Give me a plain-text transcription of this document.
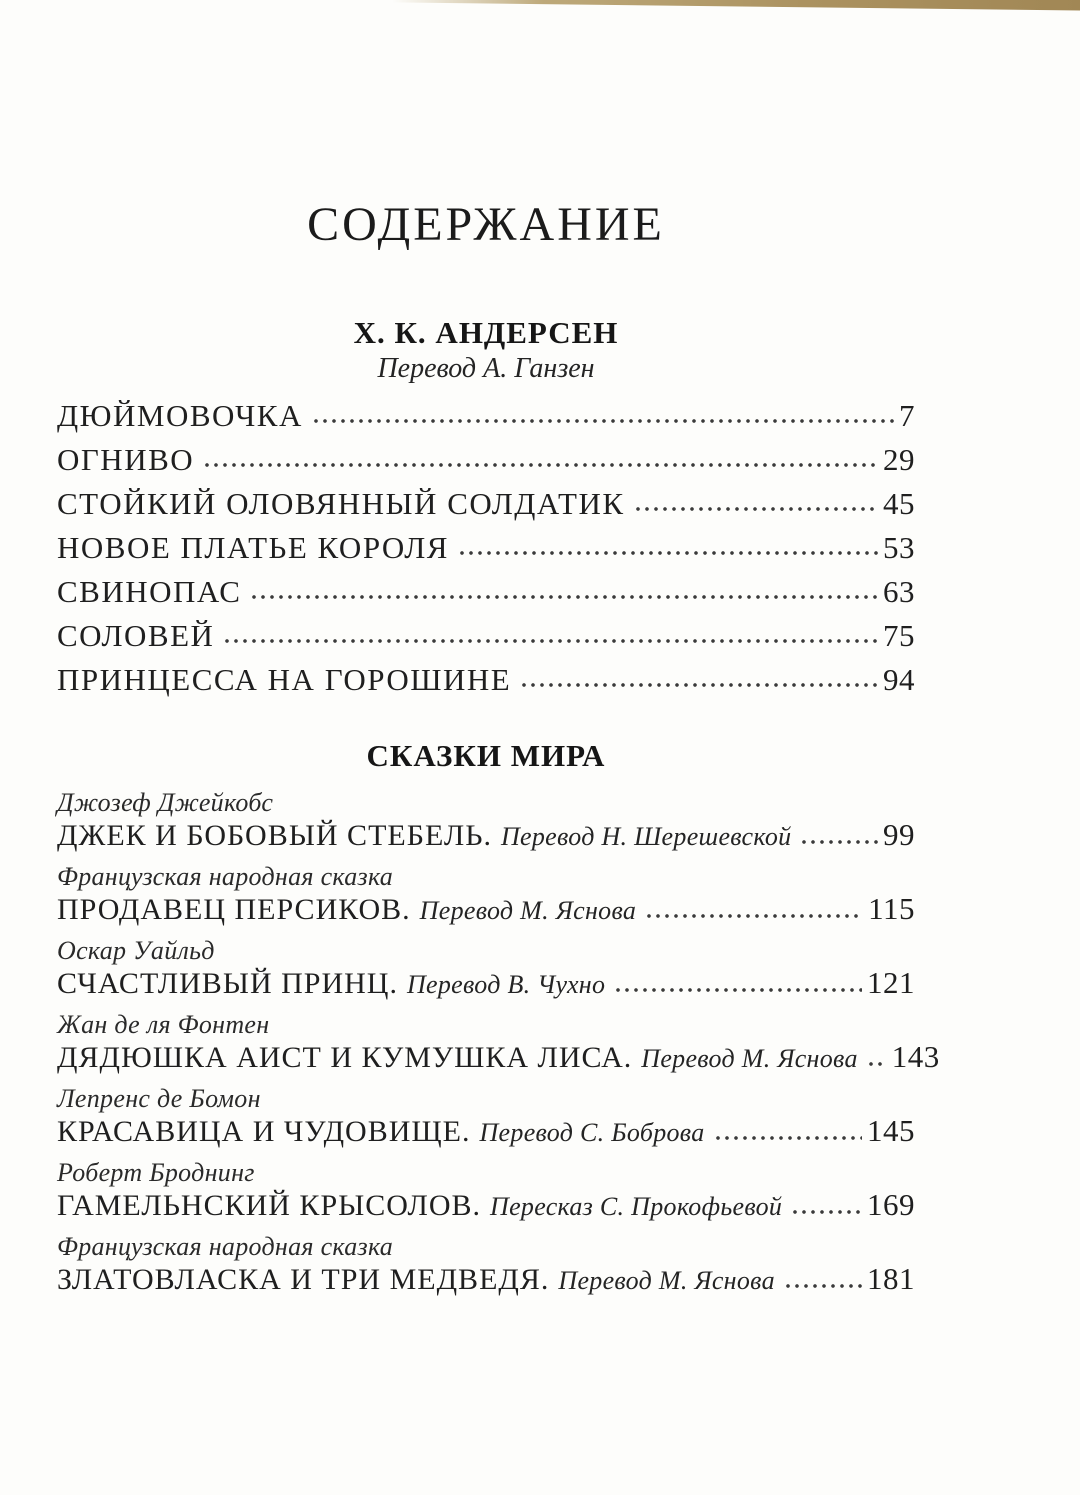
СОДЕРЖАНИЕ
Х. К. АНДЕРСЕН
Перевод А. Ганзен
ДЮЙМОВОЧКА	7
ОГНИВО	29
СТОЙКИЙ ОЛОВЯННЫЙ СОЛДАТИК	45
НОВОЕ ПЛАТЬЕ КОРОЛЯ	53
СВИНОПАС	63
СОЛОВЕЙ	75
ПРИНЦЕССА НА ГОРОШИНЕ	94
СКАЗКИ МИРА
Джозеф Джейкобс
ДЖЕК И БОБОВЫЙ СТЕБЕЛЬ. Перевод Н. Шерешевской	99
Французская народная сказка
ПРОДАВЕЦ ПЕРСИКОВ. Перевод М. Яснова	115
Оскар Уайльд
СЧАСТЛИВЫЙ ПРИНЦ. Перевод В. Чухно	121
Жан де ля Фонтен
ДЯДЮШКА АИСТ И КУМУШКА ЛИСА. Перевод М. Яснова 143
Лепренс де Бомон
КРАСАВИЦА И ЧУДОВИЩЕ. Перевод С. Боброва	145
Роберт Броднинг
ГАМЕЛЬНСКИЙ КРЫСОЛОВ. Пересказ С. Прокофьевой	169
Французская народная сказка
ЗЛАТОВЛАСКА И ТРИ МЕДВЕДЯ. Перевод М. Яснова	181
